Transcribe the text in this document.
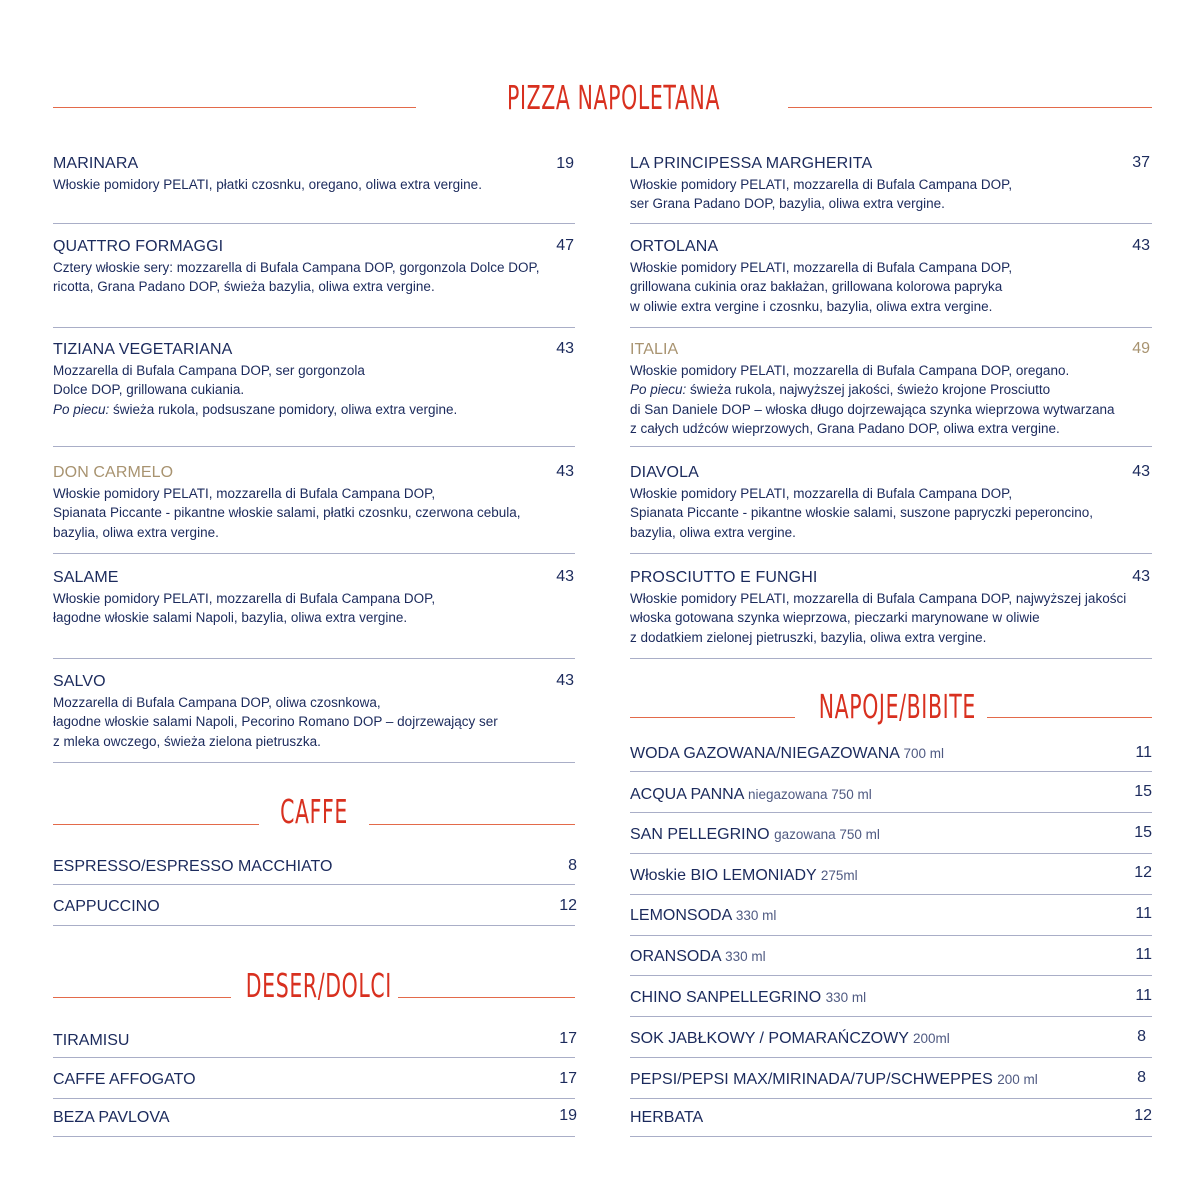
PIZZA NAPOLETANA
MARINARA
Włoskie pomidory PELATI, płatki czosnku, oregano, oliwa extra vergine.
19
QUATTRO FORMAGGI
Cztery włoskie sery: mozzarella di Bufala Campana DOP, gorgonzola Dolce DOP,
ricotta, Grana Padano DOP, świeża bazylia, oliwa extra vergine.
47
TIZIANA VEGETARIANA
Mozzarella di Bufala Campana DOP, ser gorgonzola
Dolce DOP, grillowana cukiania.
Po piecu: świeża rukola, podsuszane pomidory, oliwa extra vergine.
43
DON CARMELO
Włoskie pomidory PELATI, mozzarella di Bufala Campana DOP,
Spianata Piccante - pikantne włoskie salami, płatki czosnku, czerwona cebula,
bazylia, oliwa extra vergine.
43
SALAME
Włoskie pomidory PELATI, mozzarella di Bufala Campana DOP,
łagodne włoskie salami Napoli, bazylia, oliwa extra vergine.
43
SALVO
Mozzarella di Bufala Campana DOP, oliwa czosnkowa,
łagodne włoskie salami Napoli, Pecorino Romano DOP – dojrzewający ser
z mleka owczego, świeża zielona pietruszka.
43
LA PRINCIPESSA MARGHERITA
Włoskie pomidory PELATI, mozzarella di Bufala Campana DOP,
ser Grana Padano DOP, bazylia, oliwa extra vergine.
37
ORTOLANA
Włoskie pomidory PELATI, mozzarella di Bufala Campana DOP,
grillowana cukinia oraz bakłażan, grillowana kolorowa papryka
w oliwie extra vergine i czosnku, bazylia, oliwa extra vergine.
43
ITALIA
Włoskie pomidory PELATI, mozzarella di Bufala Campana DOP, oregano.
Po piecu: świeża rukola, najwyższej jakości, świeżo krojone Prosciutto
di San Daniele DOP – włoska długo dojrzewająca szynka wieprzowa wytwarzana
z całych udźców wieprzowych, Grana Padano DOP, oliwa extra vergine.
49
DIAVOLA
Włoskie pomidory PELATI, mozzarella di Bufala Campana DOP,
Spianata Piccante - pikantne włoskie salami, suszone papryczki peperoncino,
bazylia, oliwa extra vergine.
43
PROSCIUTTO E FUNGHI
Włoskie pomidory PELATI, mozzarella di Bufala Campana DOP, najwyższej jakości
włoska gotowana szynka wieprzowa, pieczarki marynowane w oliwie
z dodatkiem zielonej pietruszki, bazylia, oliwa extra vergine.
43
CAFFE
ESPRESSO/ESPRESSO MACCHIATO	8
CAPPUCCINO	12
DESER/DOLCI
TIRAMISU	17
CAFFE AFFOGATO	17
BEZA PAVLOVA	19
NAPOJE/BIBITE
WODA GAZOWANA/NIEGAZOWANA 700 ml	11
ACQUA PANNA niegazowana 750 ml	15
SAN PELLEGRINO gazowana 750 ml	15
Włoskie BIO LEMONIADY 275ml	12
LEMONSODA 330 ml	11
ORANSODA 330 ml	11
CHINO SANPELLEGRINO 330 ml	11
SOK JABŁKOWY / POMARAŃCZOWY 200ml	8
PEPSI/PEPSI MAX/MIRINADA/7UP/SCHWEPPES 200 ml	8
HERBATA	12
